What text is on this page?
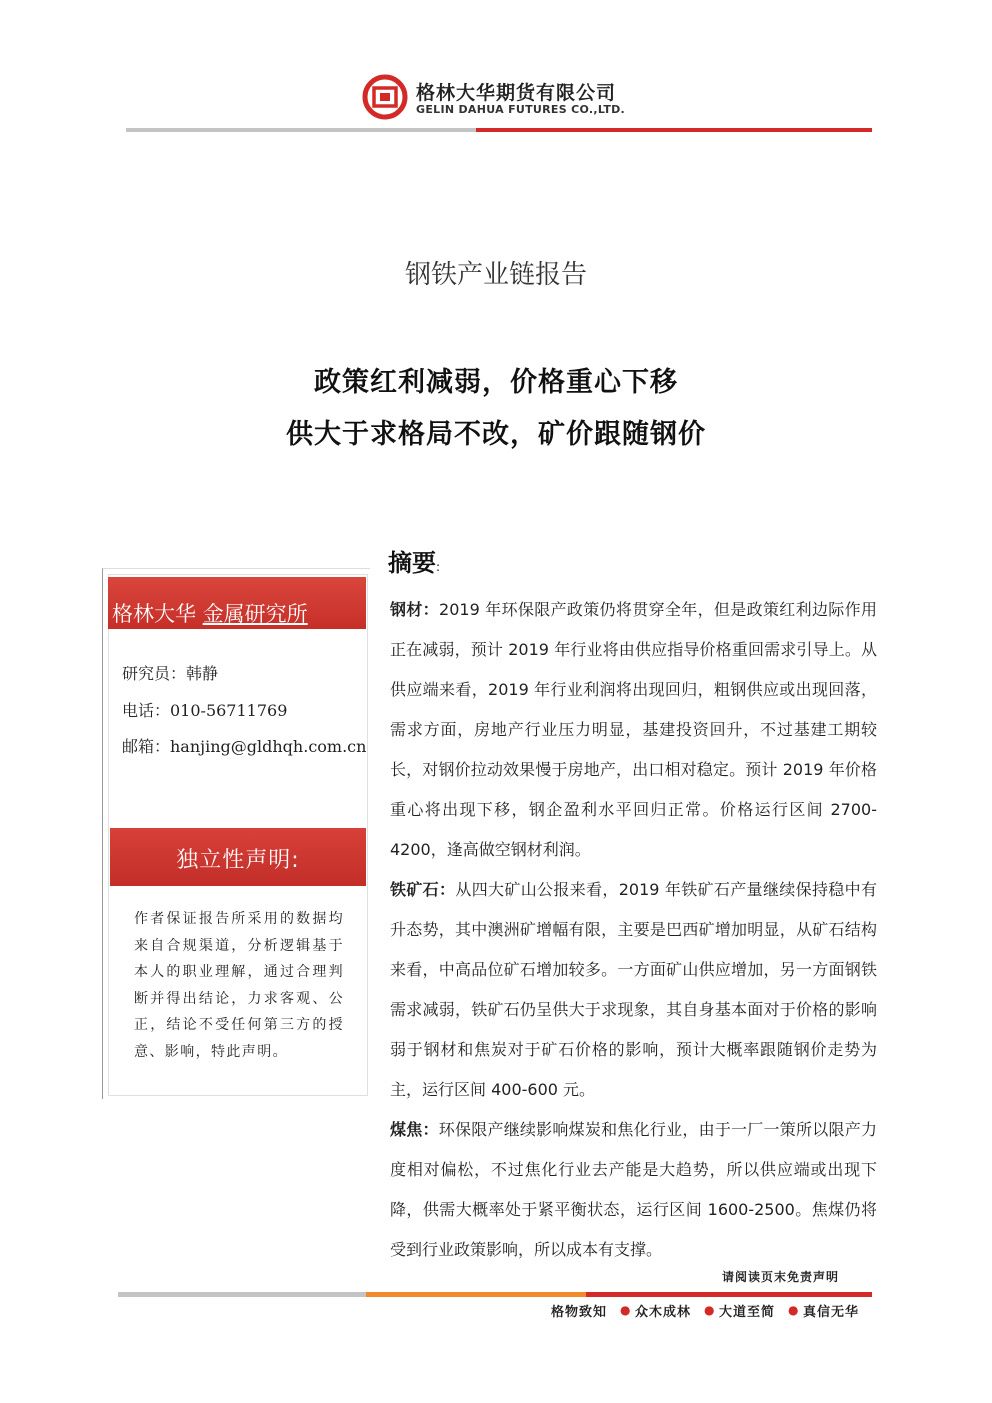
格林大华期货有限公司
GELIN DAHUA FUTURES CO.,LTD.
钢铁产业链报告
政策红利减弱，价格重心下移
供大于求格局不改，矿价跟随钢价
格林大华 金属研究所
研究员：韩静
电话：010-56711769
邮箱：hanjing@gldhqh.com.cn
独立性声明:
作者保证报告所采用的数据均来自合规渠道，分析逻辑基于本人的职业理解，通过合理判断并得出结论，力求客观、公正，结论不受任何第三方的授意、影响，特此声明。
摘要:
钢材：2019 年环保限产政策仍将贯穿全年，但是政策红利边际作用正在减弱，预计 2019 年行业将由供应指导价格重回需求引导上。从供应端来看，2019 年行业利润将出现回归，粗钢供应或出现回落，需求方面，房地产行业压力明显，基建投资回升，不过基建工期较长，对钢价拉动效果慢于房地产，出口相对稳定。预计 2019 年价格重心将出现下移，钢企盈利水平回归正常。价格运行区间 2700-4200，逢高做空钢材利润。
铁矿石：从四大矿山公报来看，2019 年铁矿石产量继续保持稳中有升态势，其中澳洲矿增幅有限，主要是巴西矿增加明显，从矿石结构来看，中高品位矿石增加较多。一方面矿山供应增加，另一方面钢铁需求减弱，铁矿石仍呈供大于求现象，其自身基本面对于价格的影响弱于钢材和焦炭对于矿石价格的影响，预计大概率跟随钢价走势为主，运行区间 400-600 元。
煤焦：环保限产继续影响煤炭和焦化行业，由于一厂一策所以限产力度相对偏松，不过焦化行业去产能是大趋势，所以供应端或出现下降，供需大概率处于紧平衡状态，运行区间 1600-2500。焦煤仍将受到行业政策影响，所以成本有支撑。
请阅读页末免责声明
格物致知 ● 众木成林 ● 大道至简 ● 真信无华
